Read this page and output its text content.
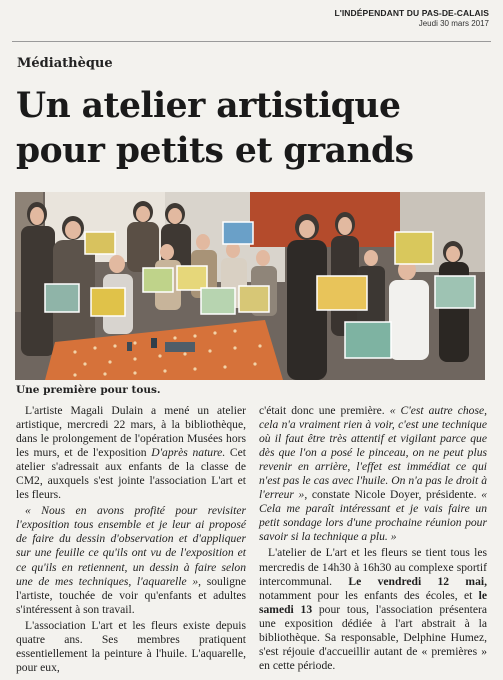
L'INDÉPENDANT DU PAS-DE-CALAIS
Jeudi 30 mars 2017
Médiathèque
Un atelier artistique
pour petits et grands
Une première pour tous.

L'artiste Magali Dulain a mené un atelier artistique, mercredi 22 mars, à la bibliothèque, dans le prolongement de l'opération Musées hors les murs, et de l'exposition D'après nature. Cet atelier s'adressait aux enfants de la classe de CM2, auxquels s'est jointe l'association L'art et les fleurs.

« Nous en avons profité pour revisiter l'exposition tous ensemble et je leur ai proposé de faire du dessin d'observation et d'appliquer sur une feuille ce qu'ils ont vu de l'exposition et ce qu'ils en retiennent, un dessin à faire selon une de mes techniques, l'aquarelle », souligne l'artiste, touchée de voir qu'enfants et adultes s'intéressent à son travail.

L'association L'art et les fleurs existe depuis quatre ans. Ses membres pratiquent essentiellement la peinture à l'huile. L'aquarelle, pour eux,

c'était donc une première. « C'est autre chose, cela n'a vraiment rien à voir, c'est une technique où il faut être très attentif et vigilant parce que dès que l'on a posé le pinceau, on ne peut plus revenir en arrière, l'effet est immédiat ce qui n'est pas le cas avec l'huile. On n'a pas le droit à l'erreur », constate Nicole Doyer, présidente. « Cela me paraît intéressant et je vais faire un petit sondage lors d'une prochaine réunion pour savoir si la technique a plu. »

L'atelier de L'art et les fleurs se tient tous les mercredis de 14h30 à 16h30 au complexe sportif intercommunal. Le vendredi 12 mai, notamment pour les enfants des écoles, et le samedi 13 pour tous, l'association présentera une exposition dédiée à l'art abstrait à la bibliothèque. Sa responsable, Delphine Humez, s'est réjouie d'accueillir autant de « premières » en cette période.
